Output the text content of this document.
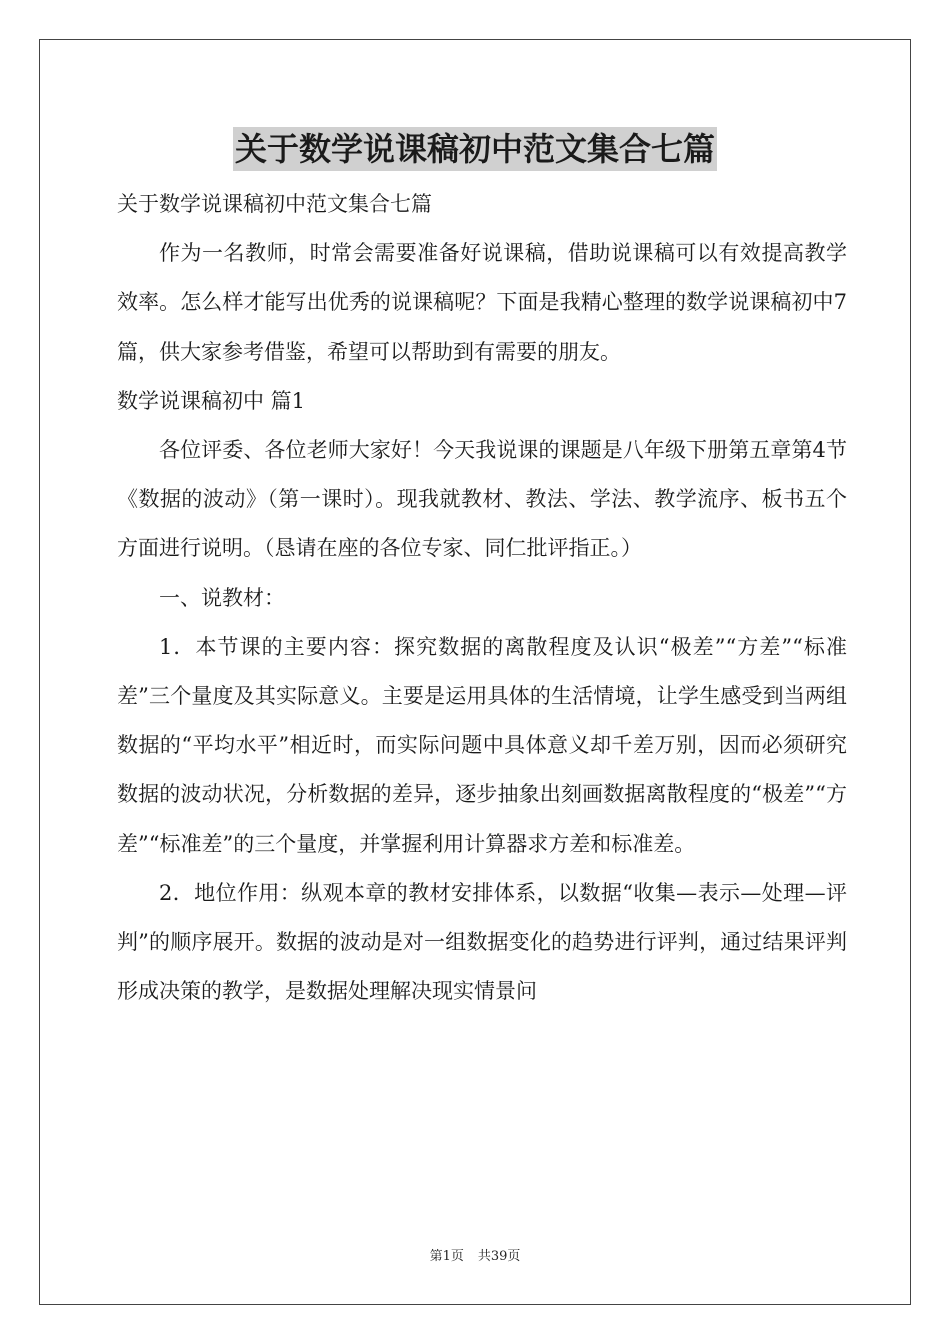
关于数学说课稿初中范文集合七篇

关于数学说课稿初中范文集合七篇

作为一名教师，时常会需要准备好说课稿，借助说课稿可以有效提高教学效率。怎么样才能写出优秀的说课稿呢？下面是我精心整理的数学说课稿初中7篇，供大家参考借鉴，希望可以帮助到有需要的朋友。

数学说课稿初中 篇1

各位评委、各位老师大家好！今天我说课的课题是八年级下册第五章第4节《数据的波动》（第一课时）。现我就教材、教法、学法、教学流序、板书五个方面进行说明。（恳请在座的各位专家、同仁批评指正。）

一、说教材：

1．本节课的主要内容：探究数据的离散程度及认识“极差”“方差”“标准差”三个量度及其实际意义。主要是运用具体的生活情境，让学生感受到当两组数据的“平均水平”相近时，而实际问题中具体意义却千差万别，因而必须研究数据的波动状况，分析数据的差异，逐步抽象出刻画数据离散程度的“极差”“方差”“标准差”的三个量度，并掌握利用计算器求方差和标准差。

2．地位作用：纵观本章的教材安排体系，以数据“收集—表示—处理—评判”的顺序展开。数据的波动是对一组数据变化的趋势进行评判，通过结果评判形成决策的教学，是数据处理解决现实情景问

第1页 共39页
